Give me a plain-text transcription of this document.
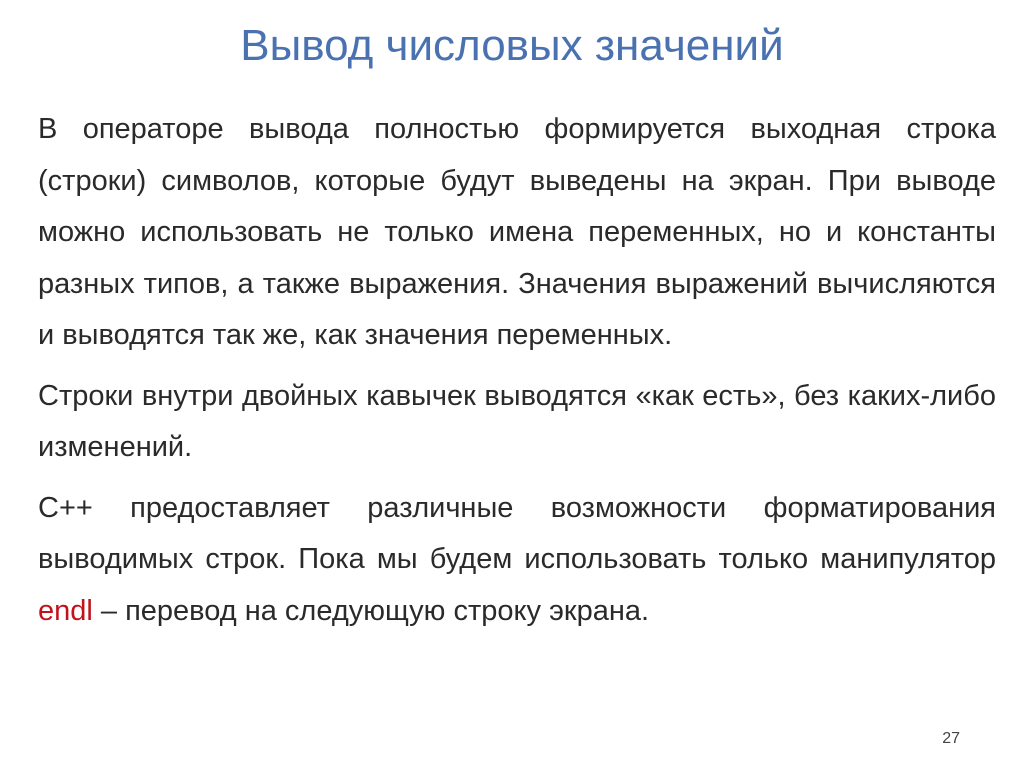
Вывод числовых значений

В операторе вывода полностью формируется выходная строка (строки) символов, которые будут выведены на экран. При выводе можно использовать не только имена переменных, но и константы разных типов, а также выражения. Значения выражений вычисляются и выводятся так же, как значения переменных.

Строки внутри двойных кавычек выводятся «как есть», без каких-либо изменений.

С++ предоставляет различные возможности форматирования выводимых строк. Пока мы будем использовать только манипулятор endl – перевод на следующую строку экрана.

27
